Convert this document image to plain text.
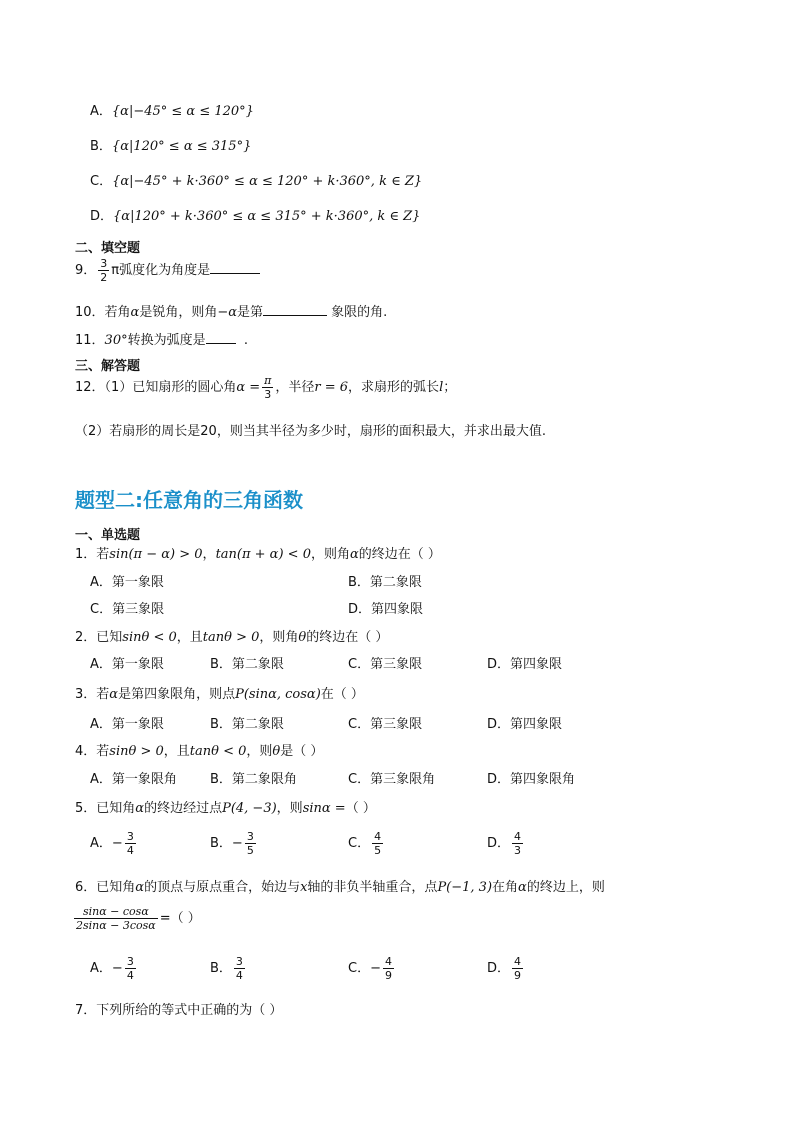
A．{α|−45° ≤ α ≤ 120°}
B．{α|120° ≤ α ≤ 315°}
C．{α|−45° + k·360° ≤ α ≤ 120° + k·360°, k ∈ Z}
D．{α|120° + k·360° ≤ α ≤ 315° + k·360°, k ∈ Z}
二、填空题
9． $\frac{3}{2}$ π弧度化为角度是
10．若角α是锐角，则角−α是第	象限的角.
11．30°转换为弧度是	.
三、解答题
12．（1）已知扇形的圆心角$\alpha = \frac{\pi}{3}$ ，半径r = 6，求扇形的弧长l；
（2）若扇形的周长是20，则当其半径为多少时，扇形的面积最大，并求出最大值.
题型二:任意角的三角函数
一、单选题
1．若sin(π − α) > 0，tan(π + α) < 0，则角α的终边在（ ）
A．第一象限	B．第二象限
C．第三象限	D．第四象限
2．已知sinθ < 0，且tanθ > 0，则角θ的终边在（ ）
A．第一象限	B．第二象限	C．第三象限	D．第四象限
3．若α是第四象限角，则点P(sinα, cosα)在（ ）
A．第一象限	B．第二象限	C．第三象限	D．第四象限
4．若sinθ > 0，且tanθ < 0，则θ是（ ）
A．第一象限角	B．第二象限角	C．第三象限角	D．第四象限角
5．已知角α的终边经过点P(4, −3)，则sinα =（ ）
A．− $\frac{3}{4}$	B．− $\frac{3}{5}$	C． $\frac{4}{5}$	D． $\frac{4}{3}$
6．已知角α的顶点与原点重合，始边与x轴的非负半轴重合，点P(−1, 3)在角α的终边上，则
$\frac{\sin\alpha - \cos\alpha}{2\sin\alpha - 3\cos\alpha}$ =（ ）
A．− $\frac{3}{4}$	B． $\frac{3}{4}$	C．− $\frac{4}{9}$	D． $\frac{4}{9}$
7．下列所给的等式中正确的为（ ）
